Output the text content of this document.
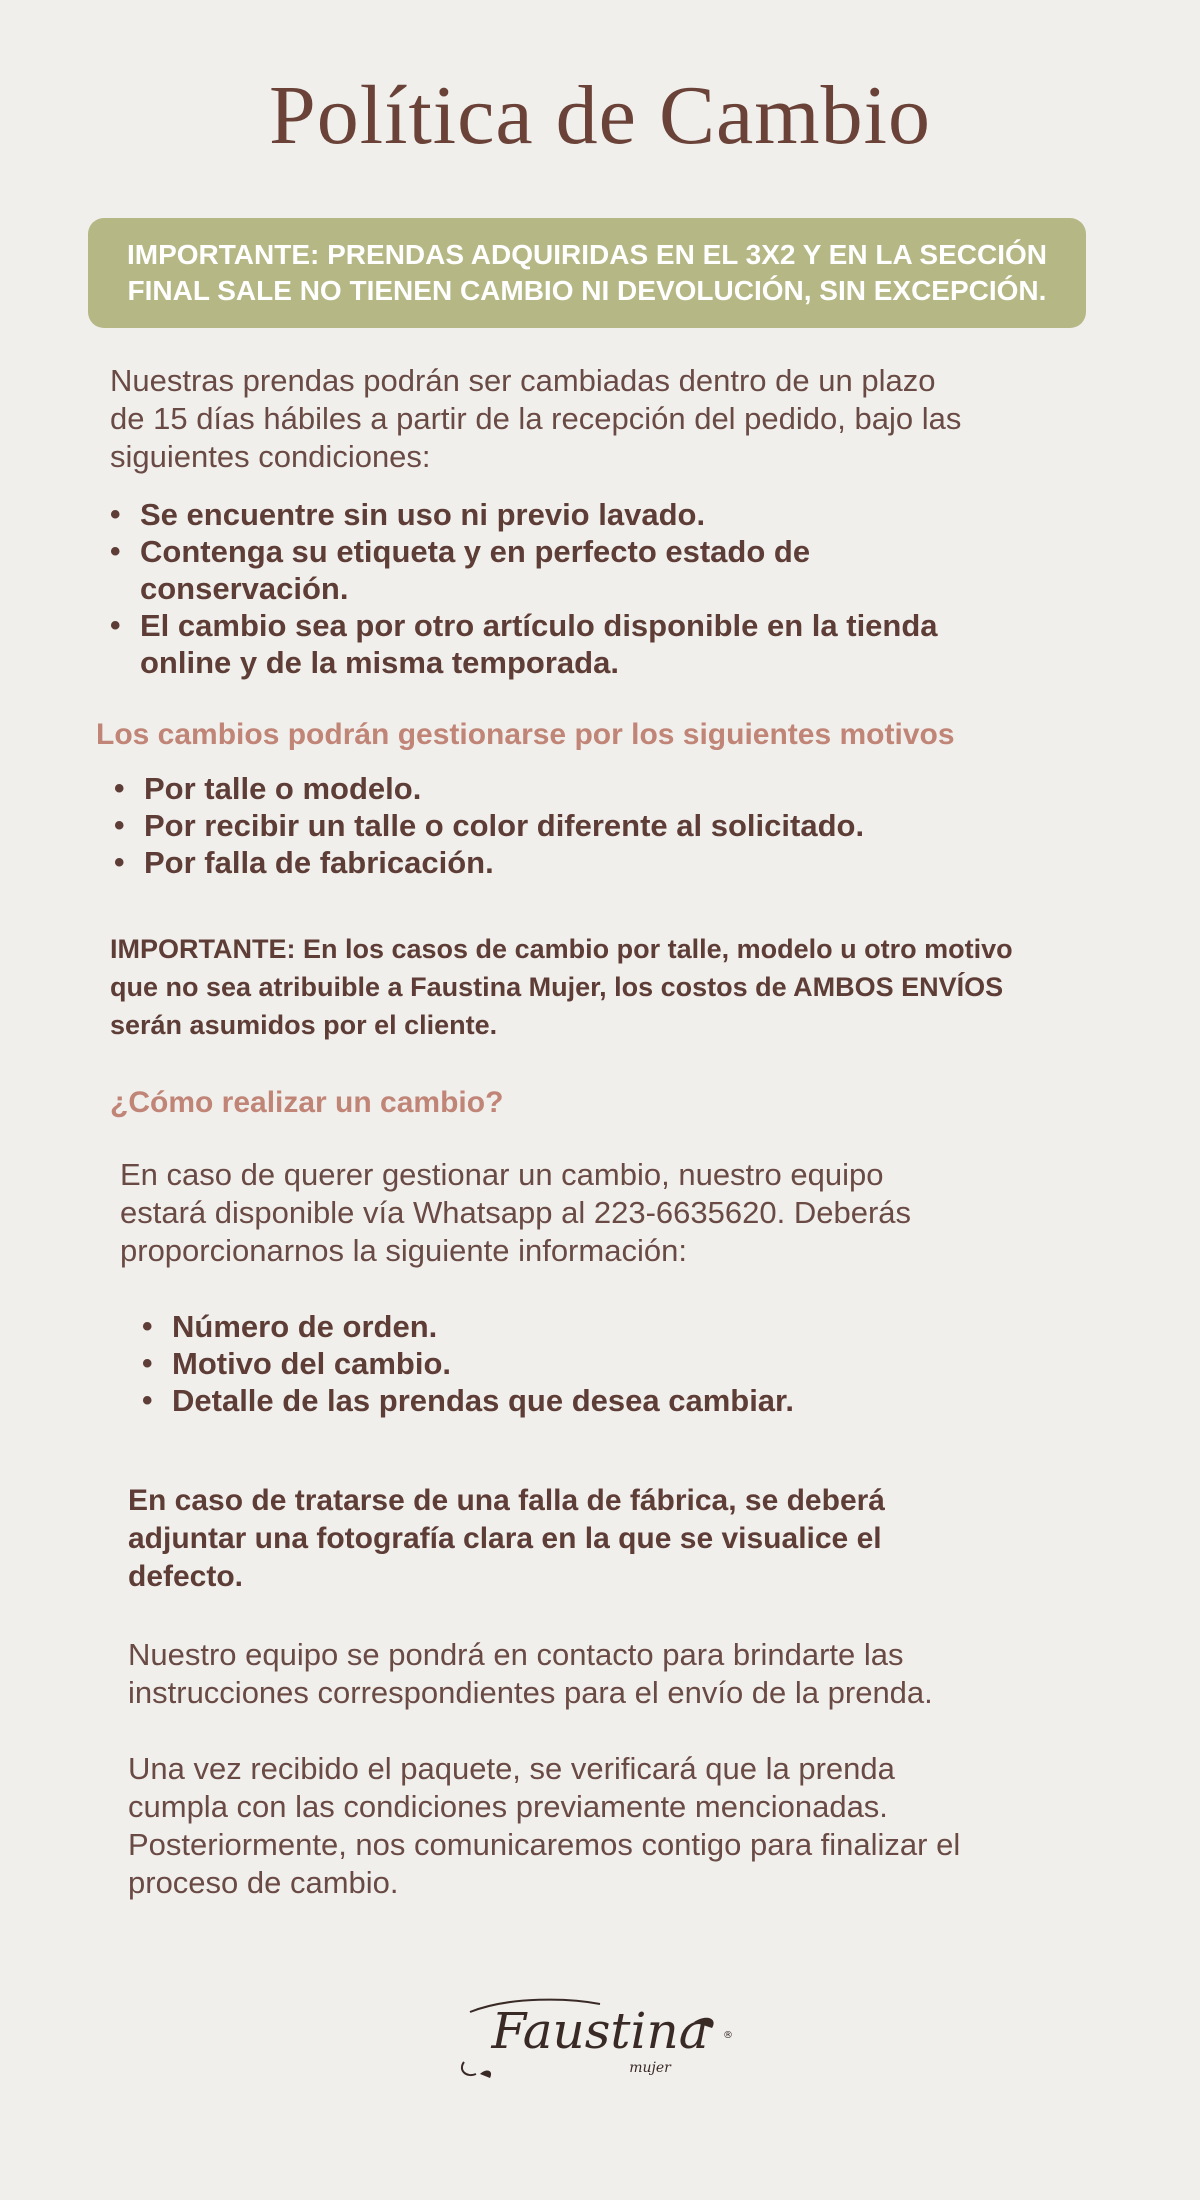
Política de Cambio
IMPORTANTE: PRENDAS ADQUIRIDAS EN EL 3X2 Y EN LA SECCIÓN
FINAL SALE NO TIENEN CAMBIO NI DEVOLUCIÓN, SIN EXCEPCIÓN.

Nuestras prendas podrán ser cambiadas dentro de un plazo

de 15 días hábiles a partir de la recepción del pedido, bajo las

siguientes condiciones:

• Se encuentre sin uso ni previo lavado.
• Contenga su etiqueta y en perfecto estado de
conservación.
• El cambio sea por otro artículo disponible en la tienda
online y de la misma temporada.
Los cambios podrán gestionarse por los siguientes motivos
• Por talle o modelo.
• Por recibir un talle o color diferente al solicitado.
• Por falla de fabricación.

IMPORTANTE: En los casos de cambio por talle, modelo u otro motivo

que no sea atribuible a Faustina Mujer, los costos de AMBOS ENVÍOS

serán asumidos por el cliente.

¿Cómo realizar un cambio?

En caso de querer gestionar un cambio, nuestro equipo

estará disponible vía Whatsapp al 223-6635620. Deberás

proporcionarnos la siguiente información:

• Número de orden.
• Motivo del cambio.
• Detalle de las prendas que desea cambiar.

En caso de tratarse de una falla de fábrica, se deberá

adjuntar una fotografía clara en la que se visualice el

defecto.

Nuestro equipo se pondrá en contacto para brindarte las

instrucciones correspondientes para el envío de la prenda.

Una vez recibido el paquete, se verificará que la prenda

cumpla con las condiciones previamente mencionadas.

Posteriormente, nos comunicaremos contigo para finalizar el

proceso de cambio.

Faustina
mujer
®
